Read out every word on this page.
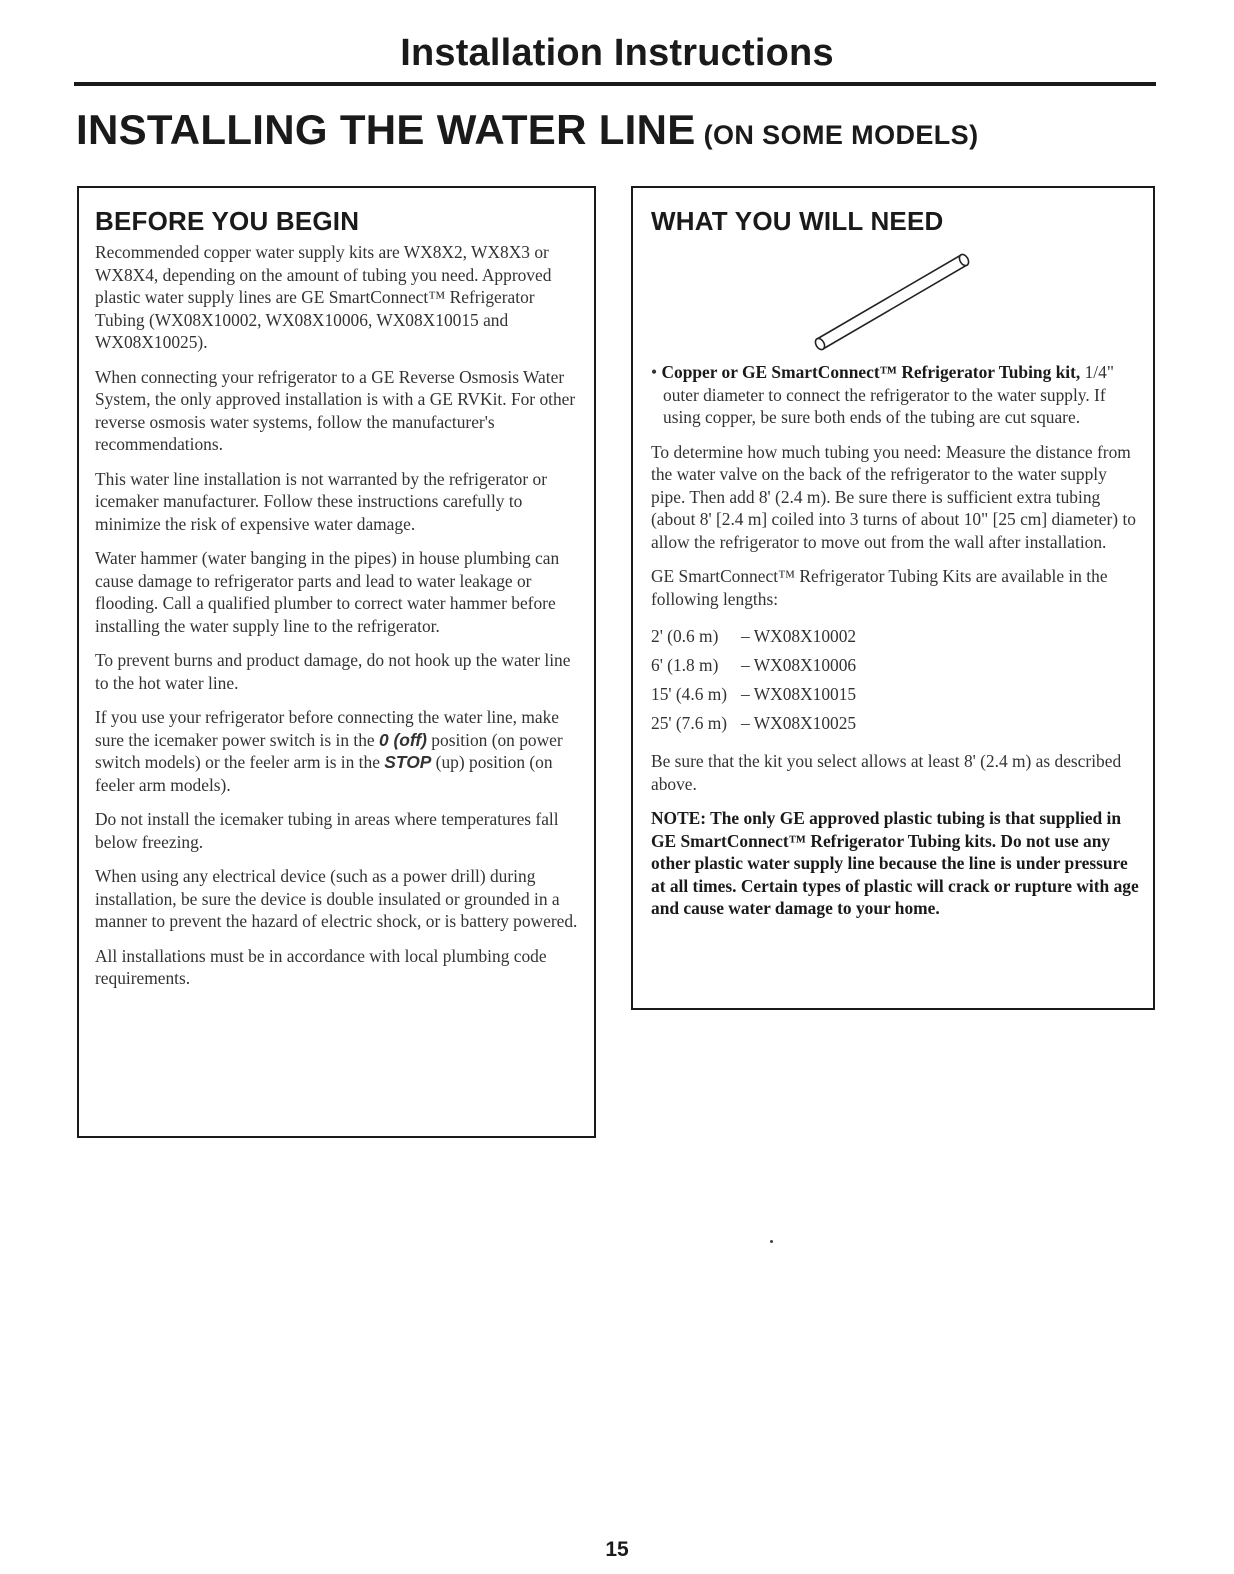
Installation Instructions
INSTALLING THE WATER LINE (ON SOME MODELS)
BEFORE YOU BEGIN

Recommended copper water supply kits are WX8X2, WX8X3 or WX8X4, depending on the amount of tubing you need. Approved plastic water supply lines are GE SmartConnect™ Refrigerator Tubing (WX08X10002, WX08X10006, WX08X10015 and WX08X10025).

When connecting your refrigerator to a GE Reverse Osmosis Water System, the only approved installation is with a GE RVKit. For other reverse osmosis water systems, follow the manufacturer's recommendations.

This water line installation is not warranted by the refrigerator or icemaker manufacturer. Follow these instructions carefully to minimize the risk of expensive water damage.

Water hammer (water banging in the pipes) in house plumbing can cause damage to refrigerator parts and lead to water leakage or flooding. Call a qualified plumber to correct water hammer before installing the water supply line to the refrigerator.

To prevent burns and product damage, do not hook up the water line to the hot water line.

If you use your refrigerator before connecting the water line, make sure the icemaker power switch is in the 0 (off) position (on power switch models) or the feeler arm is in the STOP (up) position (on feeler arm models).

Do not install the icemaker tubing in areas where temperatures fall below freezing.

When using any electrical device (such as a power drill) during installation, be sure the device is double insulated or grounded in a manner to prevent the hazard of electric shock, or is battery powered.

All installations must be in accordance with local plumbing code requirements.

WHAT YOU WILL NEED

• Copper or GE SmartConnect™ Refrigerator Tubing kit, 1/4" outer diameter to connect the refrigerator to the water supply. If using copper, be sure both ends of the tubing are cut square.

To determine how much tubing you need: Measure the distance from the water valve on the back of the refrigerator to the water supply pipe. Then add 8' (2.4 m). Be sure there is sufficient extra tubing (about 8' [2.4 m] coiled into 3 turns of about 10" [25 cm] diameter) to allow the refrigerator to move out from the wall after installation.

GE SmartConnect™ Refrigerator Tubing Kits are available in the following lengths:

2' (0.6 m)	– WX08X10002
6' (1.8 m)	– WX08X10006
15' (4.6 m) – WX08X10015
25' (7.6 m) – WX08X10025

Be sure that the kit you select allows at least 8' (2.4 m) as described above.

NOTE: The only GE approved plastic tubing is that supplied in GE SmartConnect™ Refrigerator Tubing kits. Do not use any other plastic water supply line because the line is under pressure at all times. Certain types of plastic will crack or rupture with age and cause water damage to your home.

15
